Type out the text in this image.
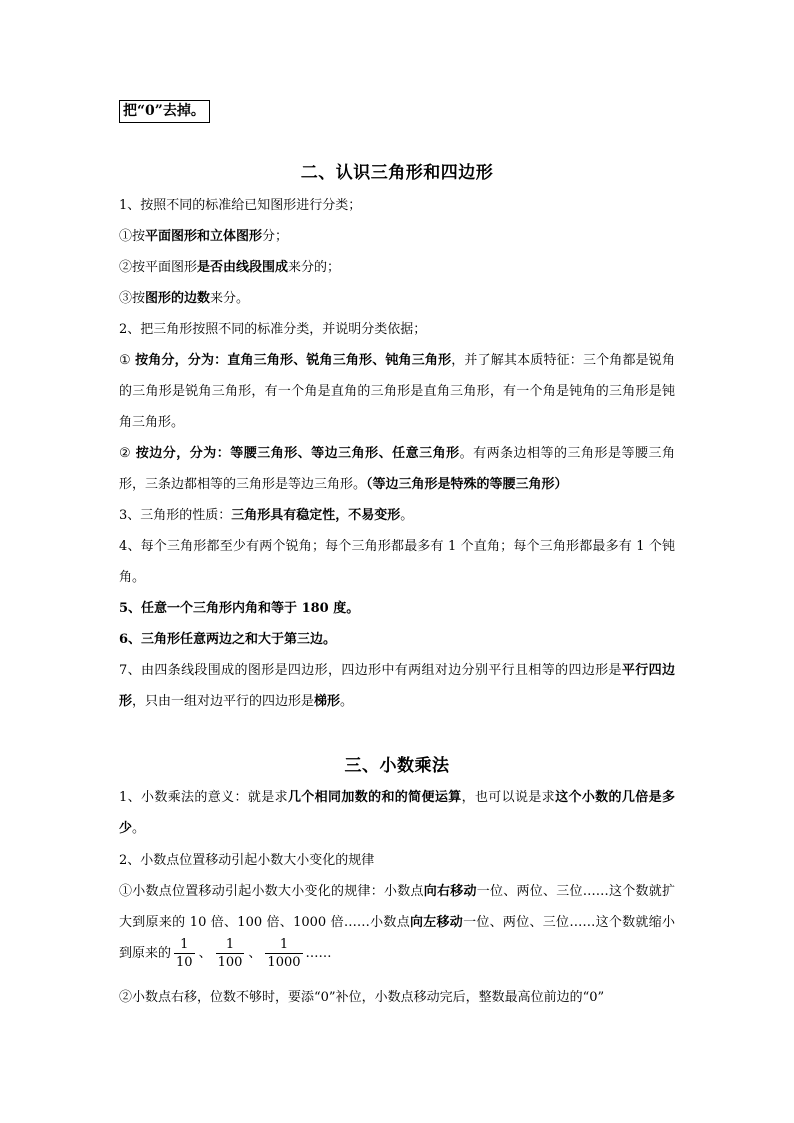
把“0”去掉。
二、认识三角形和四边形
1、按照不同的标准给已知图形进行分类；
①按平面图形和立体图形分；
②按平面图形是否由线段围成来分的；
③按图形的边数来分。
2、把三角形按照不同的标准分类，并说明分类依据；
① 按角分，分为：直角三角形、锐角三角形、钝角三角形，并了解其本质特征：三个角都是锐角的三角形是锐角三角形，有一个角是直角的三角形是直角三角形，有一个角是钝角的三角形是钝角三角形。
② 按边分，分为：等腰三角形、等边三角形、任意三角形。有两条边相等的三角形是等腰三角形，三条边都相等的三角形是等边三角形。（等边三角形是特殊的等腰三角形）
3、三角形的性质：三角形具有稳定性，不易变形。
4、每个三角形都至少有两个锐角；每个三角形都最多有 1 个直角；每个三角形都最多有 1 个钝角。
5、任意一个三角形内角和等于 180 度。
6、三角形任意两边之和大于第三边。
7、由四条线段围成的图形是四边形，四边形中有两组对边分别平行且相等的四边形是平行四边形，只由一组对边平行的四边形是梯形。
三、小数乘法
1、小数乘法的意义：就是求几个相同加数的和的简便运算，也可以说是求这个小数的几倍是多少。
2、小数点位置移动引起小数大小变化的规律
①小数点位置移动引起小数大小变化的规律：小数点向右移动一位、两位、三位……这个数就扩大到原来的 10 倍、100 倍、1000 倍……小数点向左移动一位、两位、三位……这个数就缩小到原来的 $\frac{1}{10}$ 、 $\frac{1}{100}$ 、 $\frac{1}{1000}$ ……
②小数点右移，位数不够时，要添“0”补位，小数点移动完后，整数最高位前边的“0”
